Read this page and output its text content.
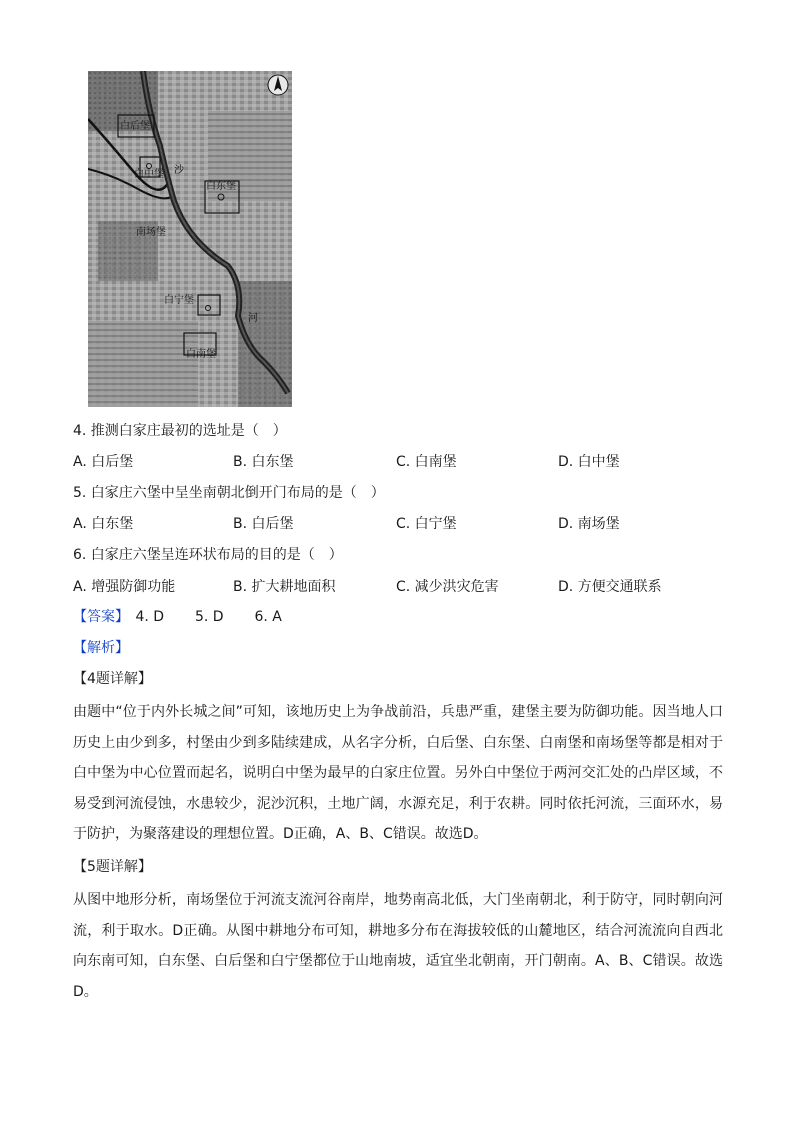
白后堡
白中堡 沙
白东堡
南场堡
白宁堡
河
白南堡
4. 推测白家庄最初的选址是（　）
A. 白后堡	B. 白东堡	C. 白南堡	D. 白中堡
5. 白家庄六堡中呈坐南朝北倒开门布局的是（　）
A. 白东堡	B. 白后堡	C. 白宁堡	D. 南场堡
6. 白家庄六堡呈连环状布局的目的是（　）
A. 增强防御功能	B. 扩大耕地面积	C. 减少洪灾危害	D. 方便交通联系
【答案】 4. D 5. D 6. A
【解析】
【4题详解】
由题中“位于内外长城之间”可知，该地历史上为争战前沿，兵患严重，建堡主要为防御功能。因当地人口历史上由少到多，村堡由少到多陆续建成，从名字分析，白后堡、白东堡、白南堡和南场堡等都是相对于白中堡为中心位置而起名，说明白中堡为最早的白家庄位置。另外白中堡位于两河交汇处的凸岸区域，不易受到河流侵蚀，水患较少，泥沙沉积，土地广阔，水源充足，利于农耕。同时依托河流，三面环水，易于防护，为聚落建设的理想位置。D正确，A、B、C错误。故选D。
【5题详解】
从图中地形分析，南场堡位于河流支流河谷南岸，地势南高北低，大门坐南朝北，利于防守，同时朝向河流，利于取水。D正确。从图中耕地分布可知，耕地多分布在海拔较低的山麓地区，结合河流流向自西北向东南可知，白东堡、白后堡和白宁堡都位于山地南坡，适宜坐北朝南，开门朝南。A、B、C错误。故选D。
